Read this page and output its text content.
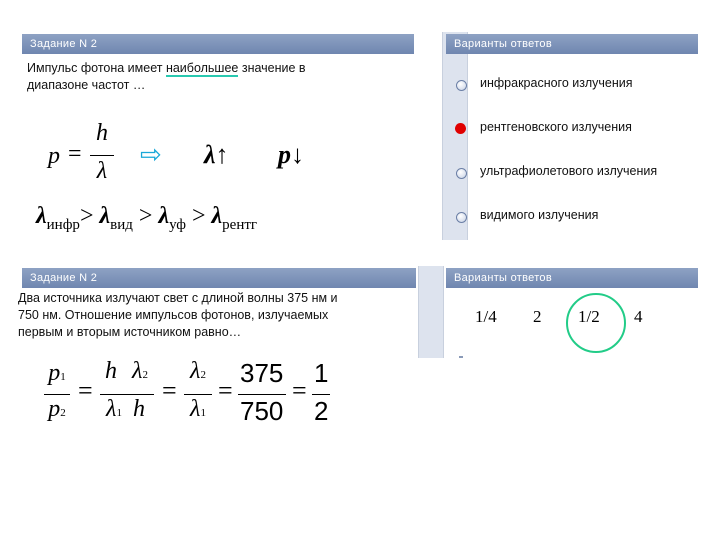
Задание N 2	Варианты ответов
Импульс фотона имеет наибольшее значение в диапазоне частот …
p =
h
λ
⇨ λ↑ p↓
$\lambda_{инфр}> \lambda_{вид} > \lambda_{уф} > \lambda_{рентг}$
инфракрасного излучения
рентгеновского излучения
ультрафиолетового излучения
видимого излучения
Задание N 2	Варианты ответов
Два источника излучают свет с длиной волны 375 нм и
750 нм. Отношение импульсов фотонов, излучаемых
первым и вторым источником равно…
1/4 2 1/2 4
p1
p2
=
h λ2
λ1 h
=
λ2
λ1
=
375
750
=
1
2
